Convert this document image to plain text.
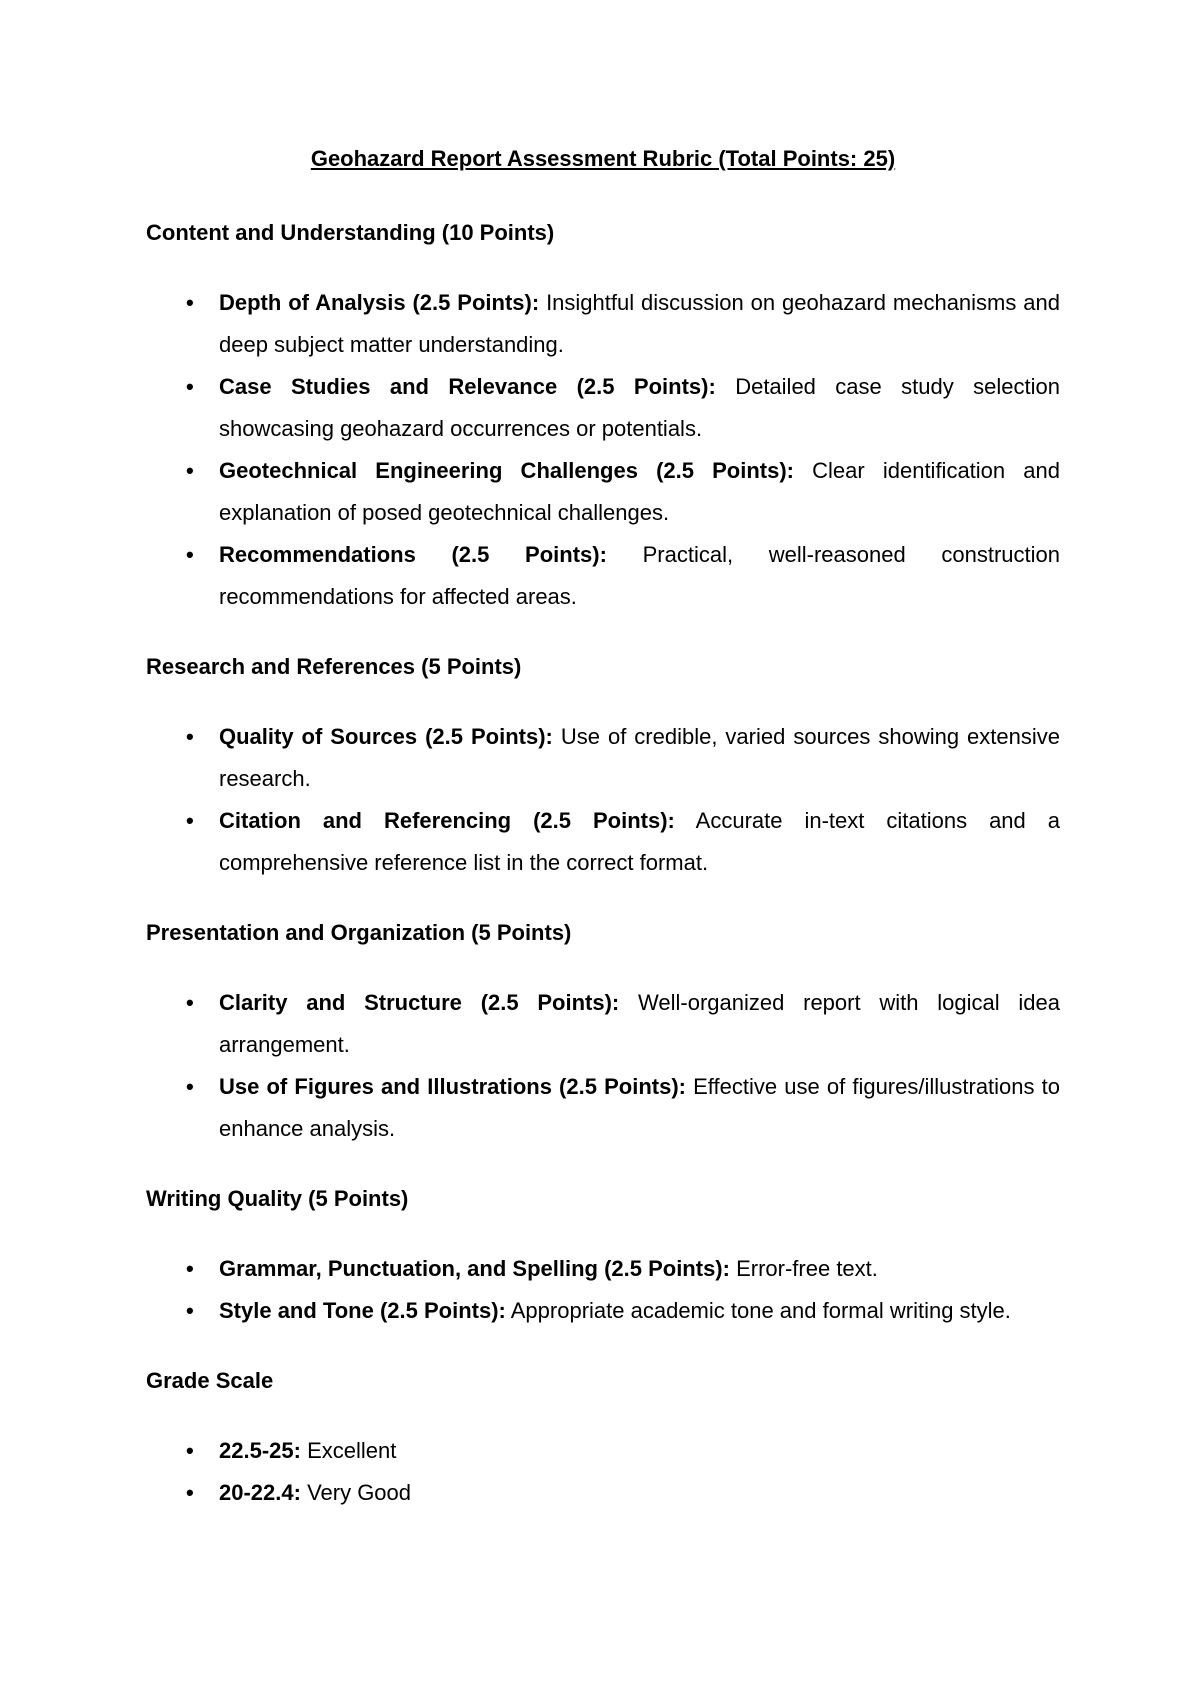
Geohazard Report Assessment Rubric (Total Points: 25)
Content and Understanding (10 Points)
• Depth of Analysis (2.5 Points): Insightful discussion on geohazard mechanisms and deep subject matter understanding.
• Case Studies and Relevance (2.5 Points): Detailed case study selection showcasing geohazard occurrences or potentials.
• Geotechnical Engineering Challenges (2.5 Points): Clear identification and explanation of posed geotechnical challenges.
• Recommendations (2.5 Points): Practical, well-reasoned construction recommendations for affected areas.
Research and References (5 Points)
• Quality of Sources (2.5 Points): Use of credible, varied sources showing extensive research.
• Citation and Referencing (2.5 Points): Accurate in-text citations and a comprehensive reference list in the correct format.
Presentation and Organization (5 Points)
• Clarity and Structure (2.5 Points): Well-organized report with logical idea arrangement.
• Use of Figures and Illustrations (2.5 Points): Effective use of figures/illustrations to enhance analysis.
Writing Quality (5 Points)
• Grammar, Punctuation, and Spelling (2.5 Points): Error-free text.
• Style and Tone (2.5 Points): Appropriate academic tone and formal writing style.
Grade Scale
• 22.5-25: Excellent
• 20-22.4: Very Good
